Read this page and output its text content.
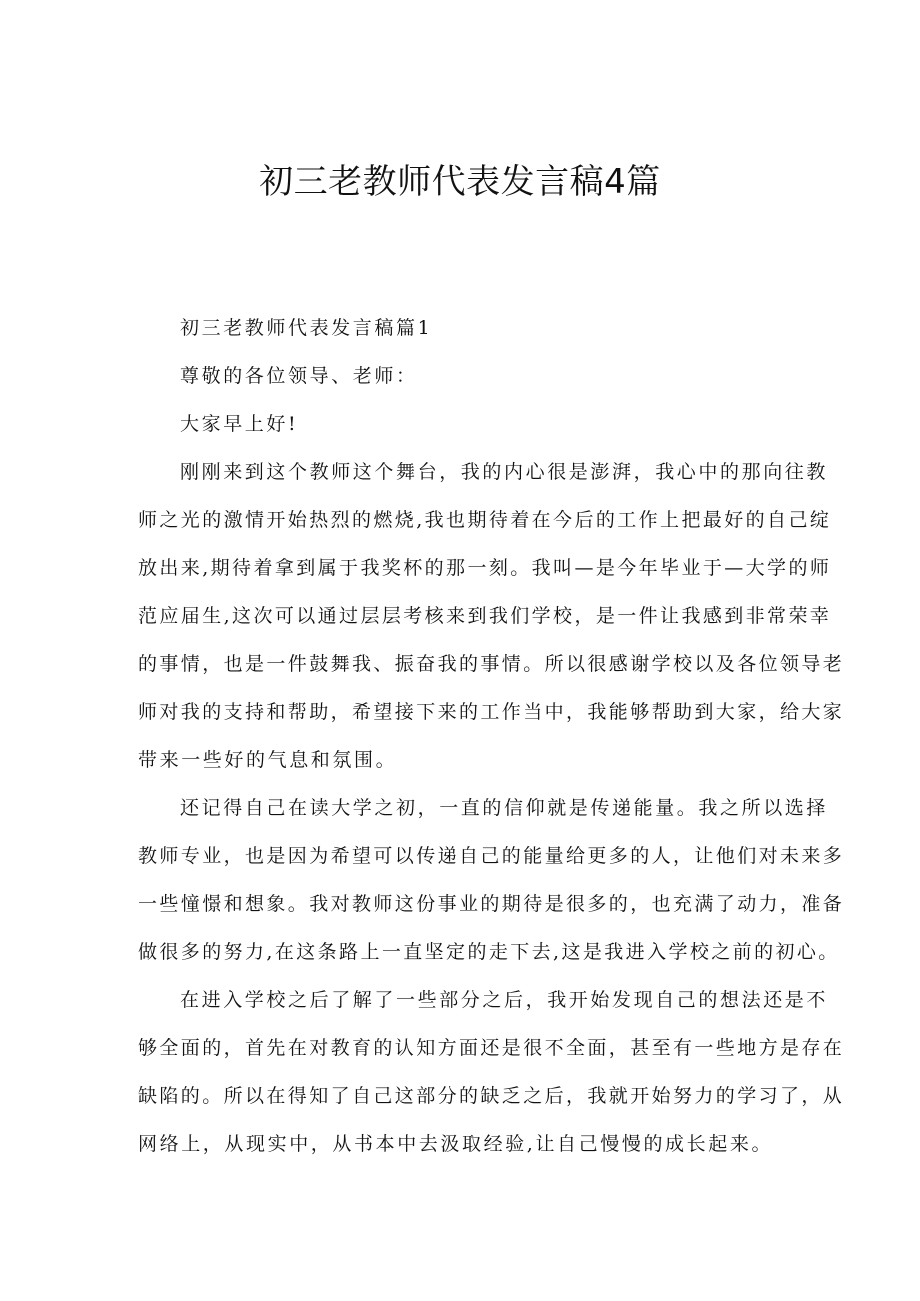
初三老教师代表发言稿4篇

初三老教师代表发言稿篇1

尊敬的各位领导、老师：

大家早上好!

刚刚来到这个教师这个舞台，我的内心很是澎湃，我心中的那向往教

师之光的激情开始热烈的燃烧,我也期待着在今后的工作上把最好的自己绽

放出来,期待着拿到属于我奖杯的那一刻。我叫—是今年毕业于—大学的师

范应届生,这次可以通过层层考核来到我们学校，是一件让我感到非常荣幸

的事情，也是一件鼓舞我、振奋我的事情。所以很感谢学校以及各位领导老

师对我的支持和帮助，希望接下来的工作当中，我能够帮助到大家，给大家

带来一些好的气息和氛围。

还记得自己在读大学之初，一直的信仰就是传递能量。我之所以选择

教师专业，也是因为希望可以传递自己的能量给更多的人，让他们对未来多

一些憧憬和想象。我对教师这份事业的期待是很多的，也充满了动力，准备

做很多的努力,在这条路上一直坚定的走下去,这是我进入学校之前的初心。

在进入学校之后了解了一些部分之后，我开始发现自己的想法还是不

够全面的，首先在对教育的认知方面还是很不全面，甚至有一些地方是存在

缺陷的。所以在得知了自己这部分的缺乏之后，我就开始努力的学习了，从

网络上，从现实中，从书本中去汲取经验,让自己慢慢的成长起来。
